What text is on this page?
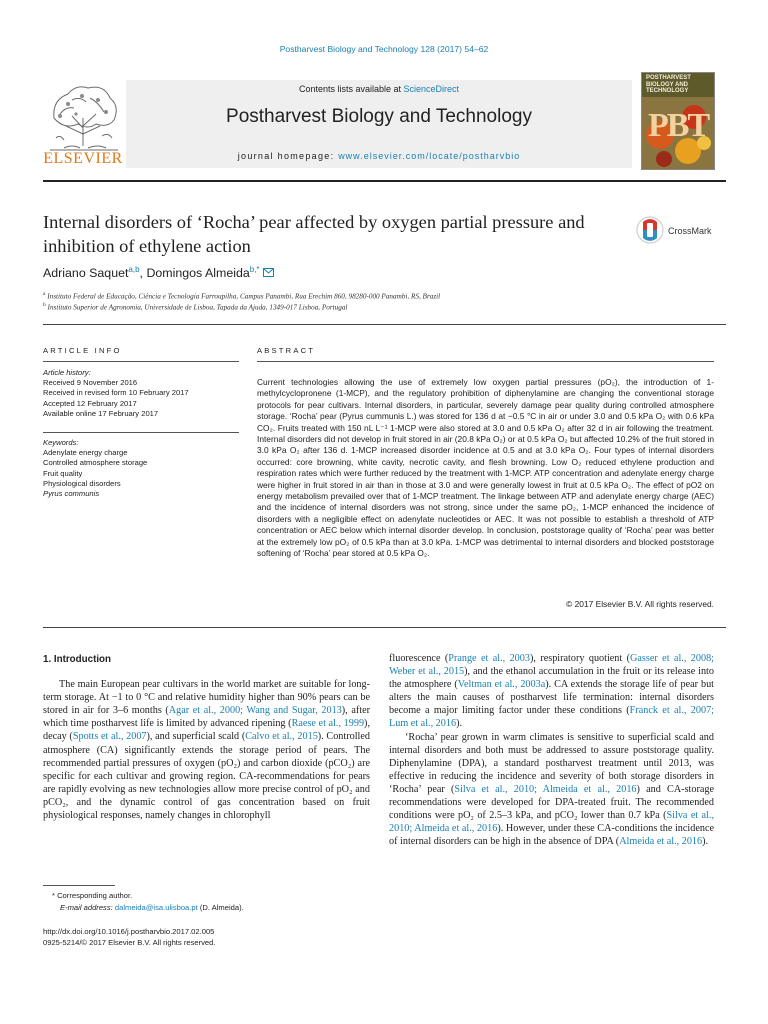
Postharvest Biology and Technology 128 (2017) 54–62
ELSEVIER
Contents lists available at ScienceDirect
Postharvest Biology and Technology
journal homepage: www.elsevier.com/locate/postharvbio
POSTHARVEST BIOLOGY AND TECHNOLOGY
PBT
Internal disorders of ‘Rocha’ pear affected by oxygen partial pressure and inhibition of ethylene action
CrossMark
Adriano Saquet$^{a,b}$, Domingos Almeida$^{b,*}$
$^a$ Instituto Federal de Educação, Ciência e Tecnologia Farroupilha, Campus Panambi, Rua Erechim 860, 98280-000 Panambi, RS, Brazil
$^b$ Instituto Superior de Agronomia, Universidade de Lisboa, Tapada da Ajuda, 1349-017 Lisboa, Portugal
ARTICLE INFO
Article history:
Received 9 November 2016
Received in revised form 10 February 2017
Accepted 12 February 2017
Available online 17 February 2017
Keywords:
Adenylate energy charge
Controlled atmosphere storage
Fruit quality
Physiological disorders
Pyrus communis
ABSTRACT
Current technologies allowing the use of extremely low oxygen partial pressures (pO₂), the introduction of 1-methylcyclopronene (1-MCP), and the regulatory prohibition of diphenylamine are changing the conventional storage protocols for pear cultivars. Internal disorders, in particular, severely damage pear quality during controlled atmosphere storage. ‘Rocha’ pear (Pyrus cummunis L.) was stored for 136 d at −0.5 °C in air or under 3.0 and 0.5 kPa O₂ with 0.6 kPa CO₂. Fruits treated with 150 nL L⁻¹ 1-MCP were also stored at 3.0 and 0.5 kPa O₂ after 32 d in air following the treatment. Internal disorders did not develop in fruit stored in air (20.8 kPa O₂) or at 0.5 kPa O₂ but affected 10.2% of the fruit stored in 3.0 kPa O₂ after 136 d. 1-MCP increased disorder incidence at 0.5 and at 3.0 kPa O₂. Four types of internal disorders occurred: core browning, white cavity, necrotic cavity, and flesh browning. Low O₂ reduced ethylene production and respiration rates which were further reduced by the treatment with 1-MCP. ATP concentration and adenylate energy charge were higher in fruit stored in air than in those at 3.0 and were generally lowest in fruit at 0.5 kPa O₂. The effect of pO2 on energy metabolism prevailed over that of 1-MCP treatment. The linkage between ATP and adenylate energy charge (AEC) and the incidence of internal disorders was not strong, since under the same pO₂, 1-MCP enhanced the incidence of disorders with a negligible effect on adenylate nucleotides or AEC. It was not possible to establish a threshold of ATP concentration or AEC below which internal disorder develop. In conclusion, poststorage quality of ‘Rocha’ pear was better at the extremely low pO₂ of 0.5 kPa than at 3.0 kPa. 1-MCP was detrimental to internal disorders and blocked poststorage softening of ‘Rocha’ pear stored at 0.5 kPa O₂.
© 2017 Elsevier B.V. All rights reserved.
1. Introduction

The main European pear cultivars in the world market are suitable for long-term storage. At −1 to 0 °C and relative humidity higher than 90% pears can be stored in air for 3–6 months (Agar et al., 2000; Wang and Sugar, 2013), after which time postharvest life is limited by advanced ripening (Raese et al., 1999), decay (Spotts et al., 2007), and superficial scald (Calvo et al., 2015). Controlled atmosphere (CA) significantly extends the storage period of pears. The recommended partial pressures of oxygen (pO₂) and carbon dioxide (pCO₂) are specific for each cultivar and growing region. CA-recommendations for pears are rapidly evolving as new technologies allow more precise control of pO₂ and pCO₂, and the dynamic control of gas concentration based on fruit physiological responses, namely changes in chlorophyll

fluorescence (Prange et al., 2003), respiratory quotient (Gasser et al., 2008; Weber et al., 2015), and the ethanol accumulation in the fruit or its release into the atmosphere (Veltman et al., 2003a). CA extends the storage life of pear but alters the main causes of postharvest life termination: internal disorders become a major limiting factor under these conditions (Franck et al., 2007; Lum et al., 2016).

‘Rocha’ pear grown in warm climates is sensitive to superficial scald and internal disorders and both must be addressed to assure poststorage quality. Diphenylamine (DPA), a standard postharvest treatment until 2013, was effective in reducing the incidence and severity of both storage disorders in ‘Rocha’ pear (Silva et al., 2010; Almeida et al., 2016) and CA-storage recommendations were developed for DPA-treated fruit. The recommended conditions were pO₂ of 2.5–3 kPa, and pCO₂ lower than 0.7 kPa (Silva et al., 2010; Almeida et al., 2016). However, under these CA-conditions the incidence of internal disorders can be high in the absence of DPA (Almeida et al., 2016).

* Corresponding author.
E-mail address: dalmeida@isa.ulisboa.pt (D. Almeida).
http://dx.doi.org/10.1016/j.postharvbio.2017.02.005
0925-5214/© 2017 Elsevier B.V. All rights reserved.
